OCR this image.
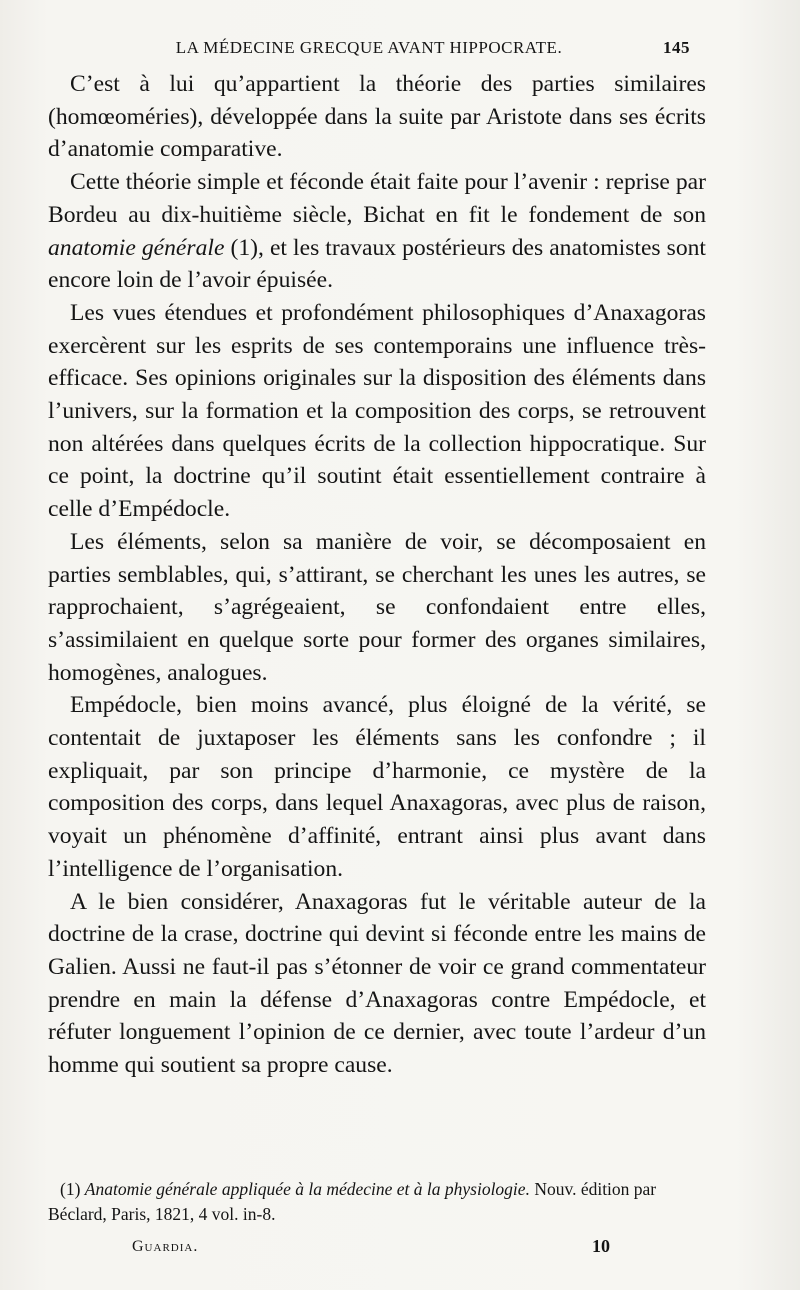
LA MÉDECINE GRECQUE AVANT HIPPOCRATE.	145

C’est à lui qu’appartient la théorie des parties similaires (homœoméries), développée dans la suite par Aristote dans ses écrits d’anatomie comparative.

Cette théorie simple et féconde était faite pour l’avenir : reprise par Bordeu au dix-huitième siècle, Bichat en fit le fondement de son anatomie générale (1), et les travaux postérieurs des anatomistes sont encore loin de l’avoir épuisée.

Les vues étendues et profondément philosophiques d’Anaxagoras exercèrent sur les esprits de ses contemporains une influence très-efficace. Ses opinions originales sur la disposition des éléments dans l’univers, sur la formation et la composition des corps, se retrouvent non altérées dans quelques écrits de la collection hippocratique. Sur ce point, la doctrine qu’il soutint était essentiellement contraire à celle d’Empédocle.

Les éléments, selon sa manière de voir, se décomposaient en parties semblables, qui, s’attirant, se cherchant les unes les autres, se rapprochaient, s’agrégeaient, se confondaient entre elles, s’assimilaient en quelque sorte pour former des organes similaires, homogènes, analogues.

Empédocle, bien moins avancé, plus éloigné de la vérité, se contentait de juxtaposer les éléments sans les confondre ; il expliquait, par son principe d’harmonie, ce mystère de la composition des corps, dans lequel Anaxagoras, avec plus de raison, voyait un phénomène d’affinité, entrant ainsi plus avant dans l’intelligence de l’organisation.

A le bien considérer, Anaxagoras fut le véritable auteur de la doctrine de la crase, doctrine qui devint si féconde entre les mains de Galien. Aussi ne faut-il pas s’étonner de voir ce grand commentateur prendre en main la défense d’Anaxagoras contre Empédocle, et réfuter longuement l’opinion de ce dernier, avec toute l’ardeur d’un homme qui soutient sa propre cause.

(1) Anatomie générale appliquée à la médecine et à la physiologie. Nouv. édition par Béclard, Paris, 1821, 4 vol. in-8.

Guardia.	10
